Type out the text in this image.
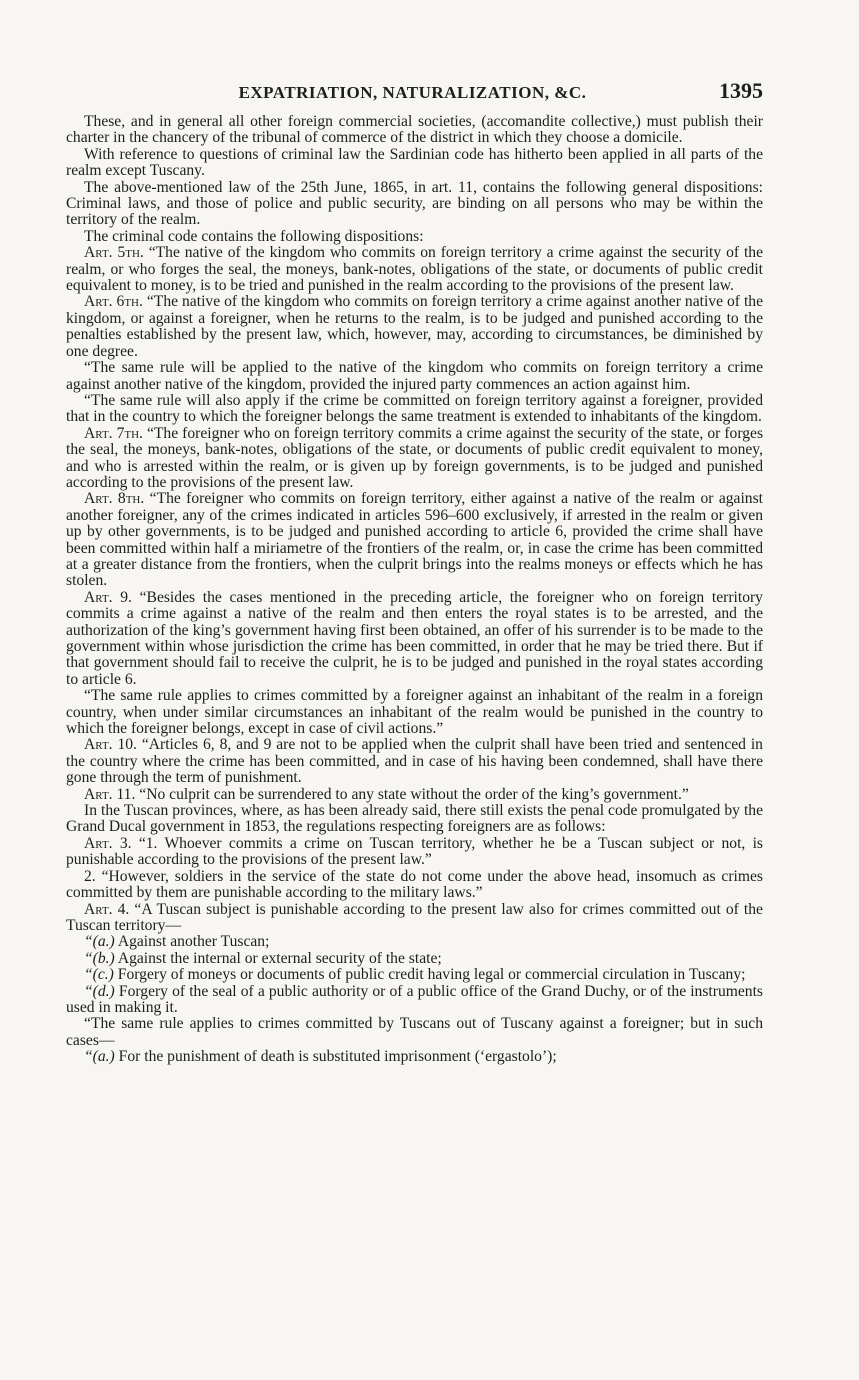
EXPATRIATION, NATURALIZATION, &C.	1395

These, and in general all other foreign commercial societies, (accomandite collective,) must publish their charter in the chancery of the tribunal of commerce of the district in which they choose a domicile.

With reference to questions of criminal law the Sardinian code has hitherto been applied in all parts of the realm except Tuscany.

The above-mentioned law of the 25th June, 1865, in art. 11, contains the following general dispositions: Criminal laws, and those of police and public security, are binding on all persons who may be within the territory of the realm.

The criminal code contains the following dispositions:

Art. 5th. “The native of the kingdom who commits on foreign territory a crime against the security of the realm, or who forges the seal, the moneys, bank-notes, obligations of the state, or documents of public credit equivalent to money, is to be tried and punished in the realm according to the provisions of the present law.

Art. 6th. “The native of the kingdom who commits on foreign territory a crime against another native of the kingdom, or against a foreigner, when he returns to the realm, is to be judged and punished according to the penalties established by the present law, which, however, may, according to circumstances, be diminished by one degree.

“The same rule will be applied to the native of the kingdom who commits on foreign territory a crime against another native of the kingdom, provided the injured party commences an action against him.

“The same rule will also apply if the crime be committed on foreign territory against a foreigner, provided that in the country to which the foreigner belongs the same treatment is extended to inhabitants of the kingdom.

Art. 7th. “The foreigner who on foreign territory commits a crime against the security of the state, or forges the seal, the moneys, bank-notes, obligations of the state, or documents of public credit equivalent to money, and who is arrested within the realm, or is given up by foreign governments, is to be judged and punished according to the provisions of the present law.

Art. 8th. “The foreigner who commits on foreign territory, either against a native of the realm or against another foreigner, any of the crimes indicated in articles 596–600 exclusively, if arrested in the realm or given up by other governments, is to be judged and punished according to article 6, provided the crime shall have been committed within half a miriametre of the frontiers of the realm, or, in case the crime has been committed at a greater distance from the frontiers, when the culprit brings into the realms moneys or effects which he has stolen.

Art. 9. “Besides the cases mentioned in the preceding article, the foreigner who on foreign territory commits a crime against a native of the realm and then enters the royal states is to be arrested, and the authorization of the king’s government having first been obtained, an offer of his surrender is to be made to the government within whose jurisdiction the crime has been committed, in order that he may be tried there. But if that government should fail to receive the culprit, he is to be judged and punished in the royal states according to article 6.

“The same rule applies to crimes committed by a foreigner against an inhabitant of the realm in a foreign country, when under similar circumstances an inhabitant of the realm would be punished in the country to which the foreigner belongs, except in case of civil actions.”

Art. 10. “Articles 6, 8, and 9 are not to be applied when the culprit shall have been tried and sentenced in the country where the crime has been committed, and in case of his having been condemned, shall have there gone through the term of punishment.

Art. 11. “No culprit can be surrendered to any state without the order of the king’s government.”

In the Tuscan provinces, where, as has been already said, there still exists the penal code promulgated by the Grand Ducal government in 1853, the regulations respecting foreigners are as follows:

Art. 3. “1. Whoever commits a crime on Tuscan territory, whether he be a Tuscan subject or not, is punishable according to the provisions of the present law.”

2. “However, soldiers in the service of the state do not come under the above head, insomuch as crimes committed by them are punishable according to the military laws.”

Art. 4. “A Tuscan subject is punishable according to the present law also for crimes committed out of the Tuscan territory—

“(a.) Against another Tuscan;

“(b.) Against the internal or external security of the state;

“(c.) Forgery of moneys or documents of public credit having legal or commercial circulation in Tuscany;

“(d.) Forgery of the seal of a public authority or of a public office of the Grand Duchy, or of the instruments used in making it.

“The same rule applies to crimes committed by Tuscans out of Tuscany against a foreigner; but in such cases—

“(a.) For the punishment of death is substituted imprisonment (‘ergastolo’);
